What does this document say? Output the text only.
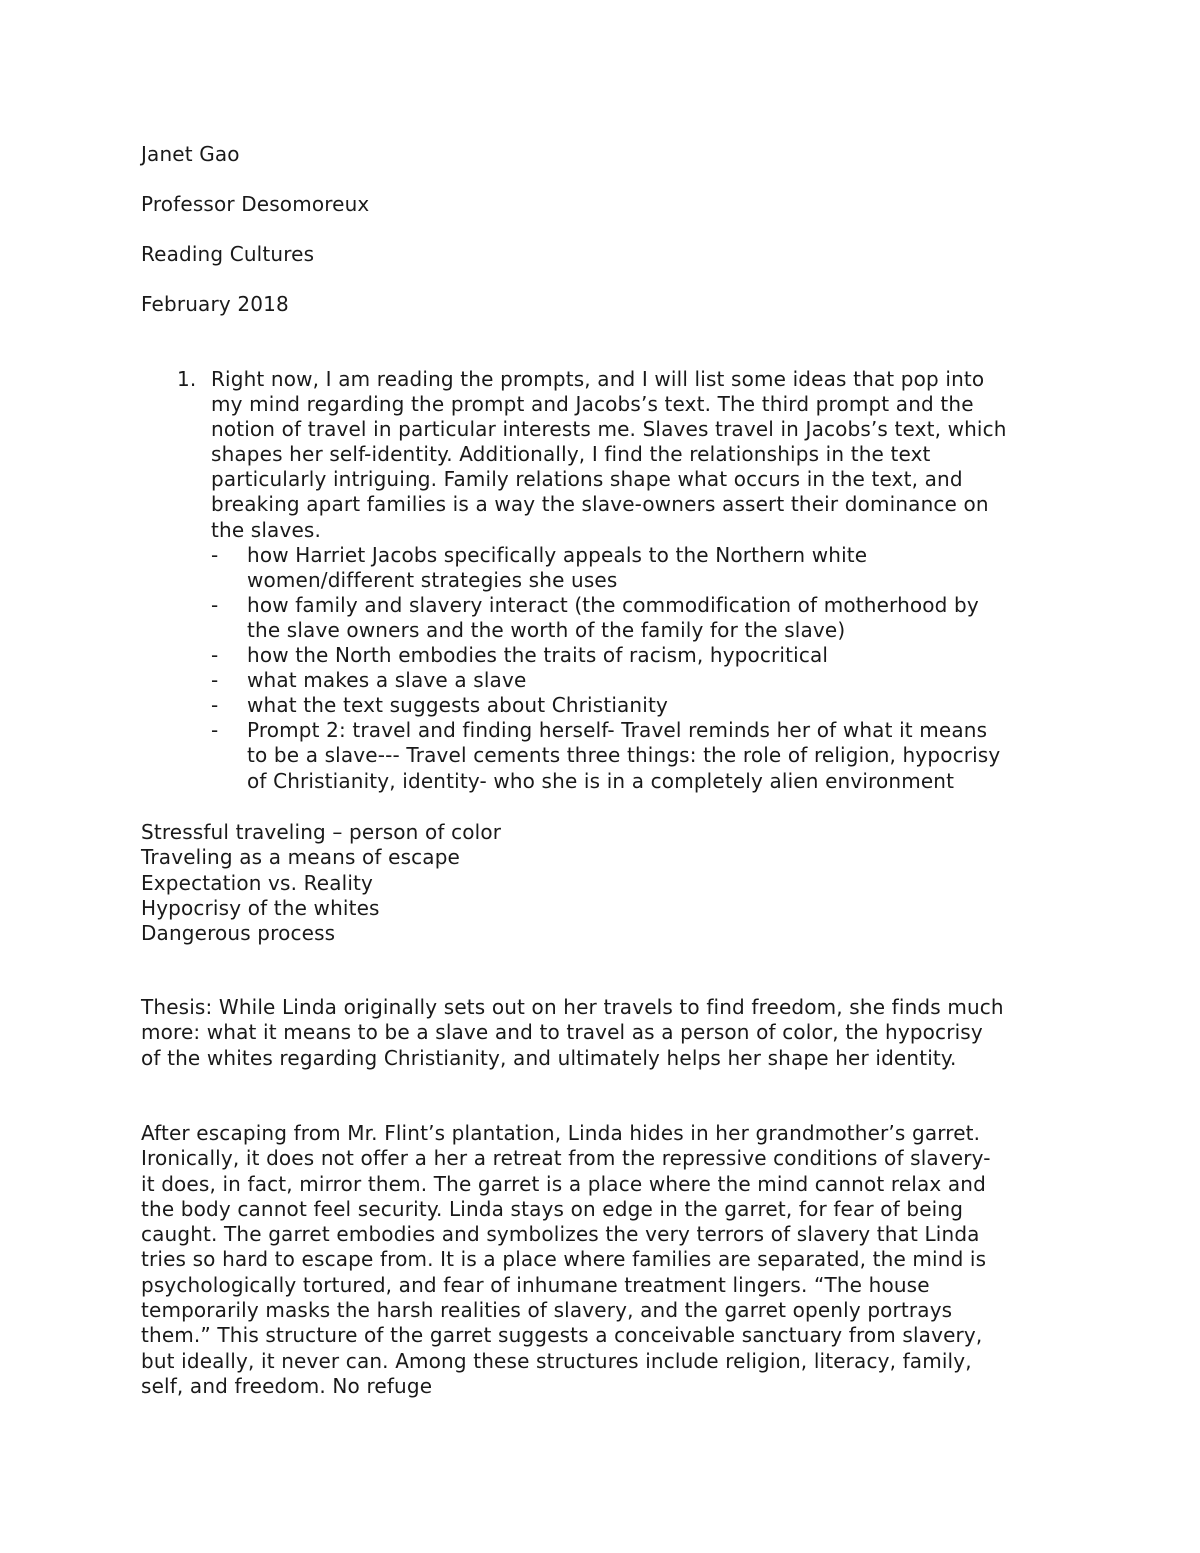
Janet Gao
Professor Desomoreux
Reading Cultures
February 2018
1. Right now, I am reading the prompts, and I will list some ideas that pop into
my mind regarding the prompt and Jacobs’s text. The third prompt and the
notion of travel in particular interests me. Slaves travel in Jacobs’s text, which
shapes her self-identity. Additionally, I find the relationships in the text
particularly intriguing. Family relations shape what occurs in the text, and
breaking apart families is a way the slave-owners assert their dominance on
the slaves.
- how Harriet Jacobs specifically appeals to the Northern white
women/different strategies she uses
- how family and slavery interact (the commodification of motherhood by
the slave owners and the worth of the family for the slave)
- how the North embodies the traits of racism, hypocritical
- what makes a slave a slave
- what the text suggests about Christianity
- Prompt 2: travel and finding herself- Travel reminds her of what it means
to be a slave--- Travel cements three things: the role of religion, hypocrisy
of Christianity, identity- who she is in a completely alien environment
Stressful traveling – person of color
Traveling as a means of escape
Expectation vs. Reality
Hypocrisy of the whites
Dangerous process
Thesis: While Linda originally sets out on her travels to find freedom, she finds much
more: what it means to be a slave and to travel as a person of color, the hypocrisy
of the whites regarding Christianity, and ultimately helps her shape her identity.
After escaping from Mr. Flint’s plantation, Linda hides in her grandmother’s garret.
Ironically, it does not offer a her a retreat from the repressive conditions of slavery-
it does, in fact, mirror them. The garret is a place where the mind cannot relax and
the body cannot feel security. Linda stays on edge in the garret, for fear of being
caught. The garret embodies and symbolizes the very terrors of slavery that Linda
tries so hard to escape from. It is a place where families are separated, the mind is
psychologically tortured, and fear of inhumane treatment lingers. “The house
temporarily masks the harsh realities of slavery, and the garret openly portrays
them.” This structure of the garret suggests a conceivable sanctuary from slavery,
but ideally, it never can. Among these structures include religion, literacy, family,
self, and freedom. No refuge
